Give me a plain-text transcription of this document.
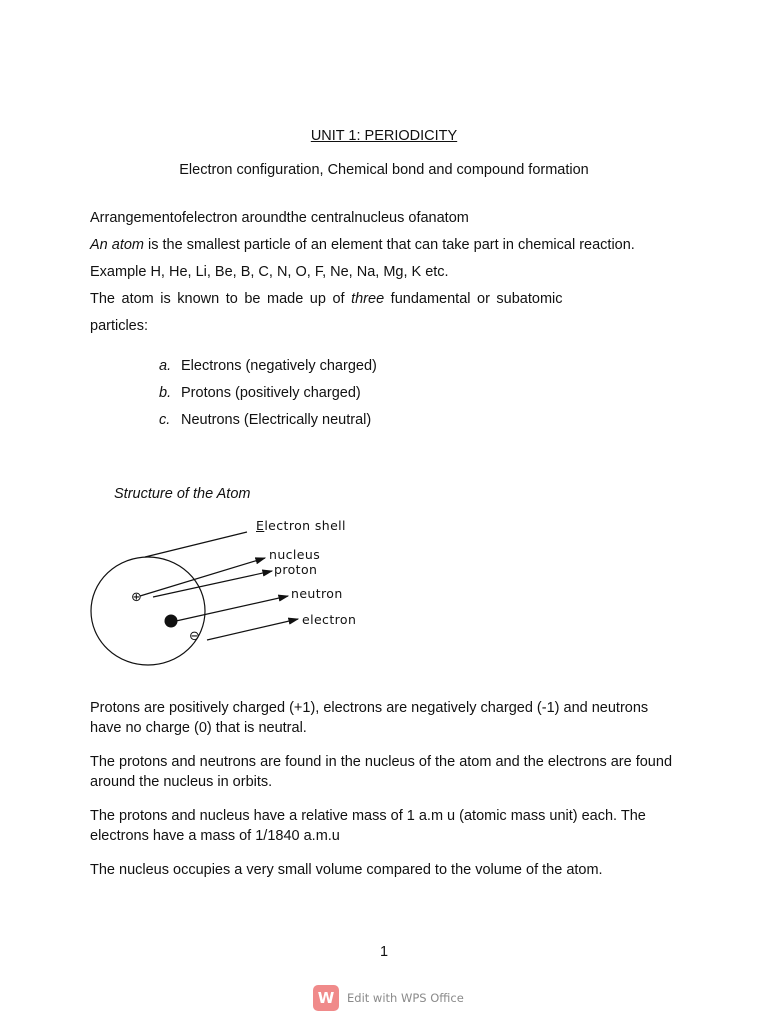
UNIT 1: PERIODICITY
Electron configuration, Chemical bond and compound formation
Arrangementofelectron aroundthe centralnucleus ofanatom
An atom is the smallest particle of an element that can take part in chemical reaction.
Example H, He, Li, Be, B, C, N, O, F, Ne, Na, Mg, K etc.
The atom is known to be made up of three fundamental or subatomic
particles:
a. Electrons (negatively charged)
b. Protons (positively charged)
c. Neutrons (Electrically neutral)
Structure of the Atom
⊕
⊖
Electron shell
nucleus
proton
neutron
electron
Protons are positively charged (+1), electrons are negatively charged (-1) and neutrons have no charge (0) that is neutral.
The protons and neutrons are found in the nucleus of the atom and the electrons are found around the nucleus in orbits.
The protons and nucleus have a relative mass of 1 a.m u (atomic mass unit) each. The electrons have a mass of 1/1840 a.m.u
The nucleus occupies a very small volume compared to the volume of the atom.
1
W	Edit with WPS Office
